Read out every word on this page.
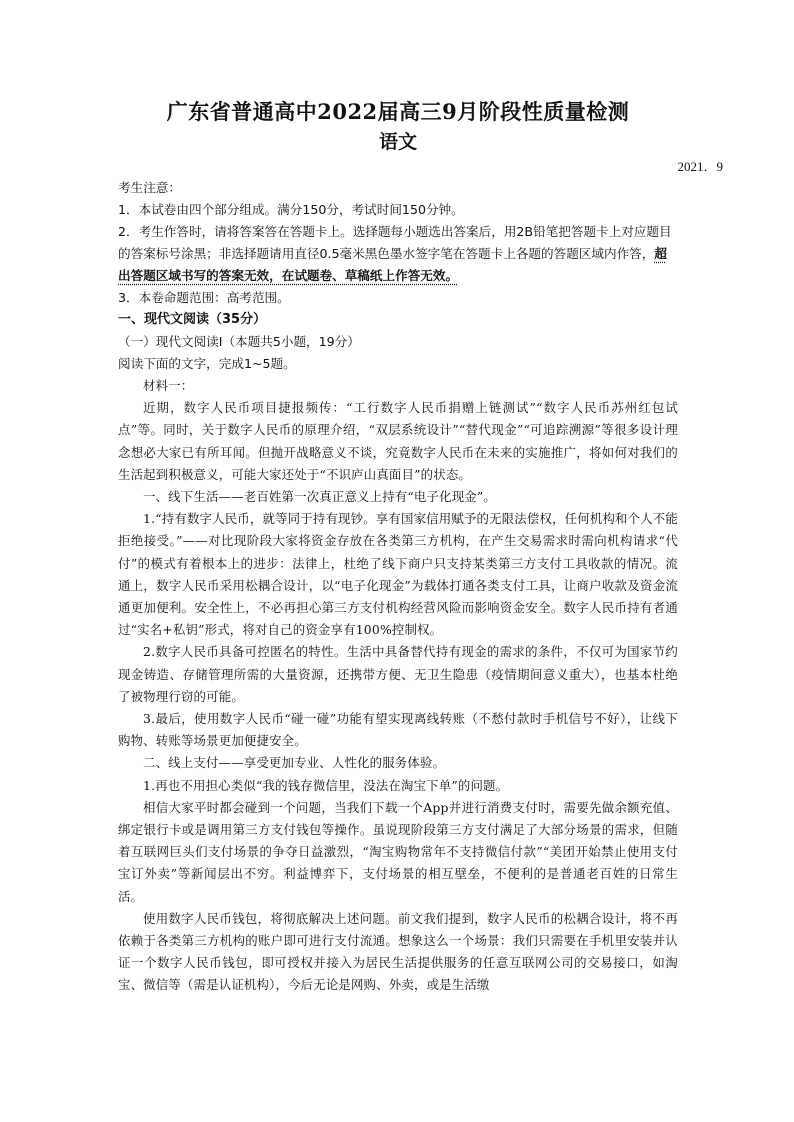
广东省普通高中2022届高三9月阶段性质量检测
语文
2021．9

考生注意：

1．本试卷由四个部分组成。满分150分，考试时间150分钟。

2．考生作答时，请将答案答在答题卡上。选择题每小题选出答案后，用2B铅笔把答题卡上对应题目的答案标号涂黑；非选择题请用直径0.5毫米黑色墨水签字笔在答题卡上各题的答题区域内作答，超出答题区域书写的答案无效，在试题卷、草稿纸上作答无效。

3．本卷命题范围：高考范围。

一、现代文阅读（35分）

（一）现代文阅读Ⅰ（本题共5小题，19分）

阅读下面的文字，完成1~5题。

材料一：

近期，数字人民币项目捷报频传：“工行数字人民币捐赠上链测试”“数字人民币苏州红包试点”等。同时，关于数字人民币的原理介绍，“双层系统设计”“替代现金”“可追踪溯源”等很多设计理念想必大家已有所耳闻。但抛开战略意义不谈，究竟数字人民币在未来的实施推广，将如何对我们的生活起到积极意义，可能大家还处于“不识庐山真面目”的状态。

一、线下生活——老百姓第一次真正意义上持有“电子化现金”。

1.“持有数字人民币，就等同于持有现钞。享有国家信用赋予的无限法偿权，任何机构和个人不能拒绝接受。”——对比现阶段大家将资金存放在各类第三方机构，在产生交易需求时需向机构请求“代付”的模式有着根本上的进步：法律上，杜绝了线下商户只支持某类第三方支付工具收款的情况。流通上，数字人民币采用松耦合设计，以“电子化现金”为载体打通各类支付工具，让商户收款及资金流通更加便利。安全性上，不必再担心第三方支付机构经营风险而影响资金安全。数字人民币持有者通过“实名+私钥”形式，将对自己的资金享有100%控制权。

2.数字人民币具备可控匿名的特性。生活中具备替代持有现金的需求的条件，不仅可为国家节约现金铸造、存储管理所需的大量资源，还携带方便、无卫生隐患（疫情期间意义重大），也基本杜绝了被物理行窃的可能。

3.最后，使用数字人民币“碰一碰”功能有望实现离线转账（不愁付款时手机信号不好），让线下购物、转账等场景更加便捷安全。

二、线上支付——享受更加专业、人性化的服务体验。

1.再也不用担心类似“我的钱存微信里，没法在淘宝下单”的问题。

相信大家平时都会碰到一个问题，当我们下载一个App并进行消费支付时，需要先做余额充值、绑定银行卡或是调用第三方支付钱包等操作。虽说现阶段第三方支付满足了大部分场景的需求，但随着互联网巨头们支付场景的争夺日益激烈，“淘宝购物常年不支持微信付款”“美团开始禁止使用支付宝订外卖”等新闻层出不穷。利益博弈下，支付场景的相互壁垒，不便利的是普通老百姓的日常生活。

使用数字人民币钱包，将彻底解决上述问题。前文我们提到，数字人民币的松耦合设计，将不再依赖于各类第三方机构的账户即可进行支付流通。想象这么一个场景：我们只需要在手机里安装并认证一个数字人民币钱包，即可授权并接入为居民生活提供服务的任意互联网公司的交易接口，如淘宝、微信等（需是认证机构），今后无论是网购、外卖，或是生活缴
